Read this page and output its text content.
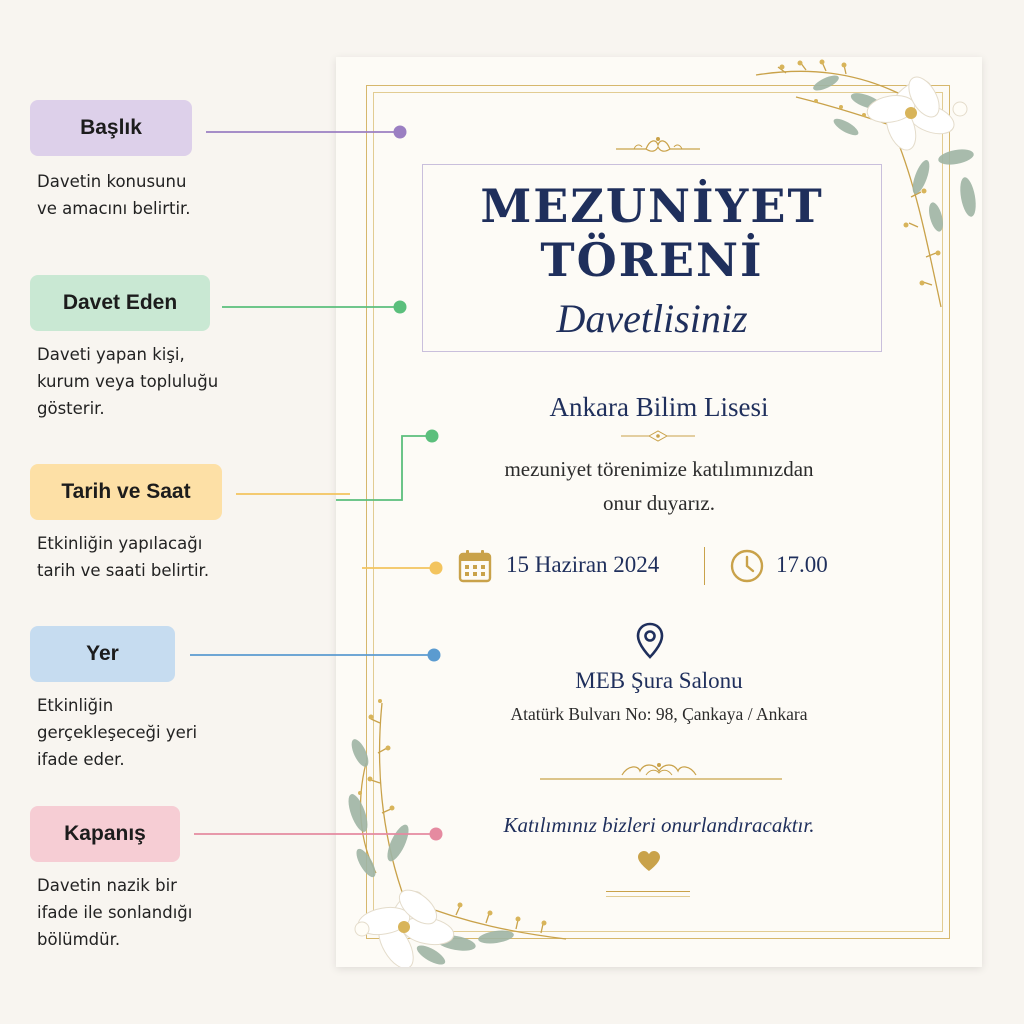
Başlık
Davetin konusunu
ve amacını belirtir.
Davet Eden
Daveti yapan kişi,
kurum veya topluluğu
gösterir.
Tarih ve Saat
Etkinliğin yapılacağı
tarih ve saati belirtir.
Yer
Etkinliğin
gerçekleşeceği yeri
ifade eder.
Kapanış
Davetin nazik bir
ifade ile sonlandığı
bölümdür.
MEZUNİYET
TÖRENİ
Davetlisiniz
Ankara Bilim Lisesi
mezuniyet törenimize katılımınızdan
onur duyarız.
15 Haziran 2024	17.00
MEB Şura Salonu
Atatürk Bulvarı No: 98, Çankaya / Ankara
Katılımınız bizleri onurlandıracaktır.
